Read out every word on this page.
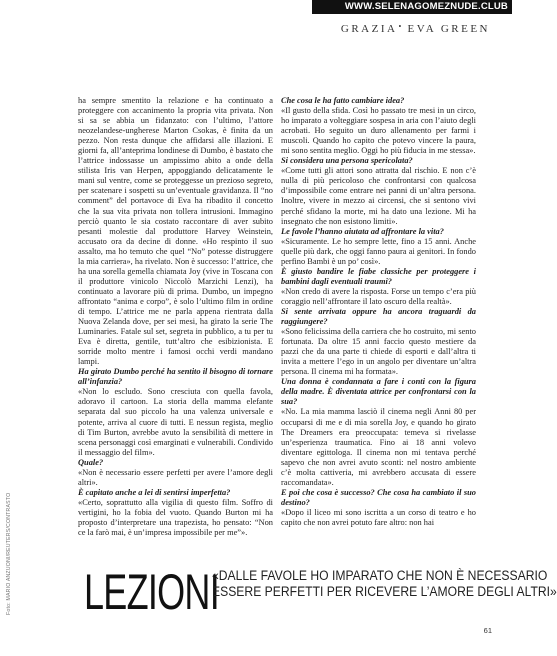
WWW.SELENAGOMEZNUDE.CLUB
GRAZIA• EVA GREEN
Foto: MARIO ANZUONI/REUTERS/CONTRASTO
ha sempre smentito la relazione e ha continuato a proteggere con accanimento la propria vita privata. Non si sa se abbia un fidanzato: con l’ultimo, l’attore neozelandese-ungherese Marton Csokas, è finita da un pezzo. Non resta dunque che affidarsi alle illazioni. E giorni fa, all’anteprima londinese di Dumbo, è bastato che l’attrice indossasse un ampissimo abito a onde della stilista Iris van Herpen, appoggiando delicatamente le mani sul ventre, come se proteggesse un prezioso segreto, per scatenare i sospetti su un’eventuale gravidanza. Il “no comment” del portavoce di Eva ha ribadito il concetto che la sua vita privata non tollera intrusioni. Immagino perciò quanto le sia costato raccontare di aver subito pesanti molestie dal produttore Harvey Weinstein, accusato ora da decine di donne. «Ho respinto il suo assalto, ma ho temuto che quel “No” potesse distruggere la mia carriera», ha rivelato. Non è successo: l’attrice, che ha una sorella gemella chiamata Joy (vive in Toscana con il produttore vinicolo Niccolò Marzichi Lenzi), ha continuato a lavorare più di prima. Dumbo, un impegno affrontato “anima e corpo”, è solo l’ultimo film in ordine di tempo. L’attrice me ne parla appena rientrata dalla Nuova Zelanda dove, per sei mesi, ha girato la serie The Luminaries. Fatale sul set, segreta in pubblico, a tu per tu Eva è diretta, gentile, tutt’altro che esibizionista. E sorride molto mentre i famosi occhi verdi mandano lampi.
Ha girato Dumbo perché ha sentito il bisogno di tornare all’infanzia?
«Non lo escludo. Sono cresciuta con quella favola, adoravo il cartoon. La storia della mamma elefante separata dal suo piccolo ha una valenza universale e potente, arriva al cuore di tutti. E nessun regista, meglio di Tim Burton, avrebbe avuto la sensibilità di mettere in scena personaggi così emarginati e vulnerabili. Condivido il messaggio del film».
Quale?
«Non è necessario essere perfetti per avere l’amore degli altri».
È capitato anche a lei di sentirsi imperfetta?
«Certo, soprattutto alla vigilia di questo film. Soffro di vertigini, ho la fobia del vuoto. Quando Burton mi ha proposto d’interpretare una trapezista, ho pensato: “Non ce la farò mai, è un’impresa impossibile per me”».
Che cosa le ha fatto cambiare idea?
«Il gusto della sfida. Così ho passato tre mesi in un circo, ho imparato a volteggiare sospesa in aria con l’aiuto degli acrobati. Ho seguito un duro allenamento per farmi i muscoli. Quando ho capito che potevo vincere la paura, mi sono sentita meglio. Oggi ho più fiducia in me stessa».
Si considera una persona spericolata?
«Come tutti gli attori sono attratta dal rischio. E non c’è nulla di più pericoloso che confrontarsi con qualcosa d’impossibile come entrare nei panni di un’altra persona. Inoltre, vivere in mezzo ai circensi, che si sentono vivi perché sfidano la morte, mi ha dato una lezione. Mi ha insegnato che non esistono limiti».
Le favole l’hanno aiutata ad affrontare la vita?
«Sicuramente. Le ho sempre lette, fino a 15 anni. Anche quelle più dark, che oggi fanno paura ai genitori. In fondo perfino Bambi è un po’ così».
È giusto bandire le fiabe classiche per proteggere i bambini dagli eventuali traumi?
«Non credo di avere la risposta. Forse un tempo c’era più coraggio nell’affrontare il lato oscuro della realtà».
Si sente arrivata oppure ha ancora traguardi da raggiungere?
«Sono felicissima della carriera che ho costruito, mi sento fortunata. Da oltre 15 anni faccio questo mestiere da pazzi che da una parte ti chiede di esporti e dall’altra ti invita a mettere l’ego in un angolo per diventare un’altra persona. Il cinema mi ha formata».
Una donna è condannata a fare i conti con la figura della madre. È diventata attrice per confrontarsi con la sua?
«No. La mia mamma lasciò il cinema negli Anni 80 per occuparsi di me e di mia sorella Joy, e quando ho girato The Dreamers era preoccupata: temeva si rivelasse un’esperienza traumatica. Fino ai 18 anni volevo diventare egittologa. Il cinema non mi tentava perché sapevo che non avrei avuto sconti: nel nostro ambiente c’è molta cattiveria, mi avrebbero accusata di essere raccomandata».
E poi che cosa è successo? Che cosa ha cambiato il suo destino?
«Dopo il liceo mi sono iscritta a un corso di teatro e ho capito che non avrei potuto fare altro: non hai
LEZIONI
«DALLE FAVOLE HO IMPARATO CHE NON È NECESSARIO
ESSERE PERFETTI PER RICEVERE L’AMORE DEGLI ALTRI»
61
